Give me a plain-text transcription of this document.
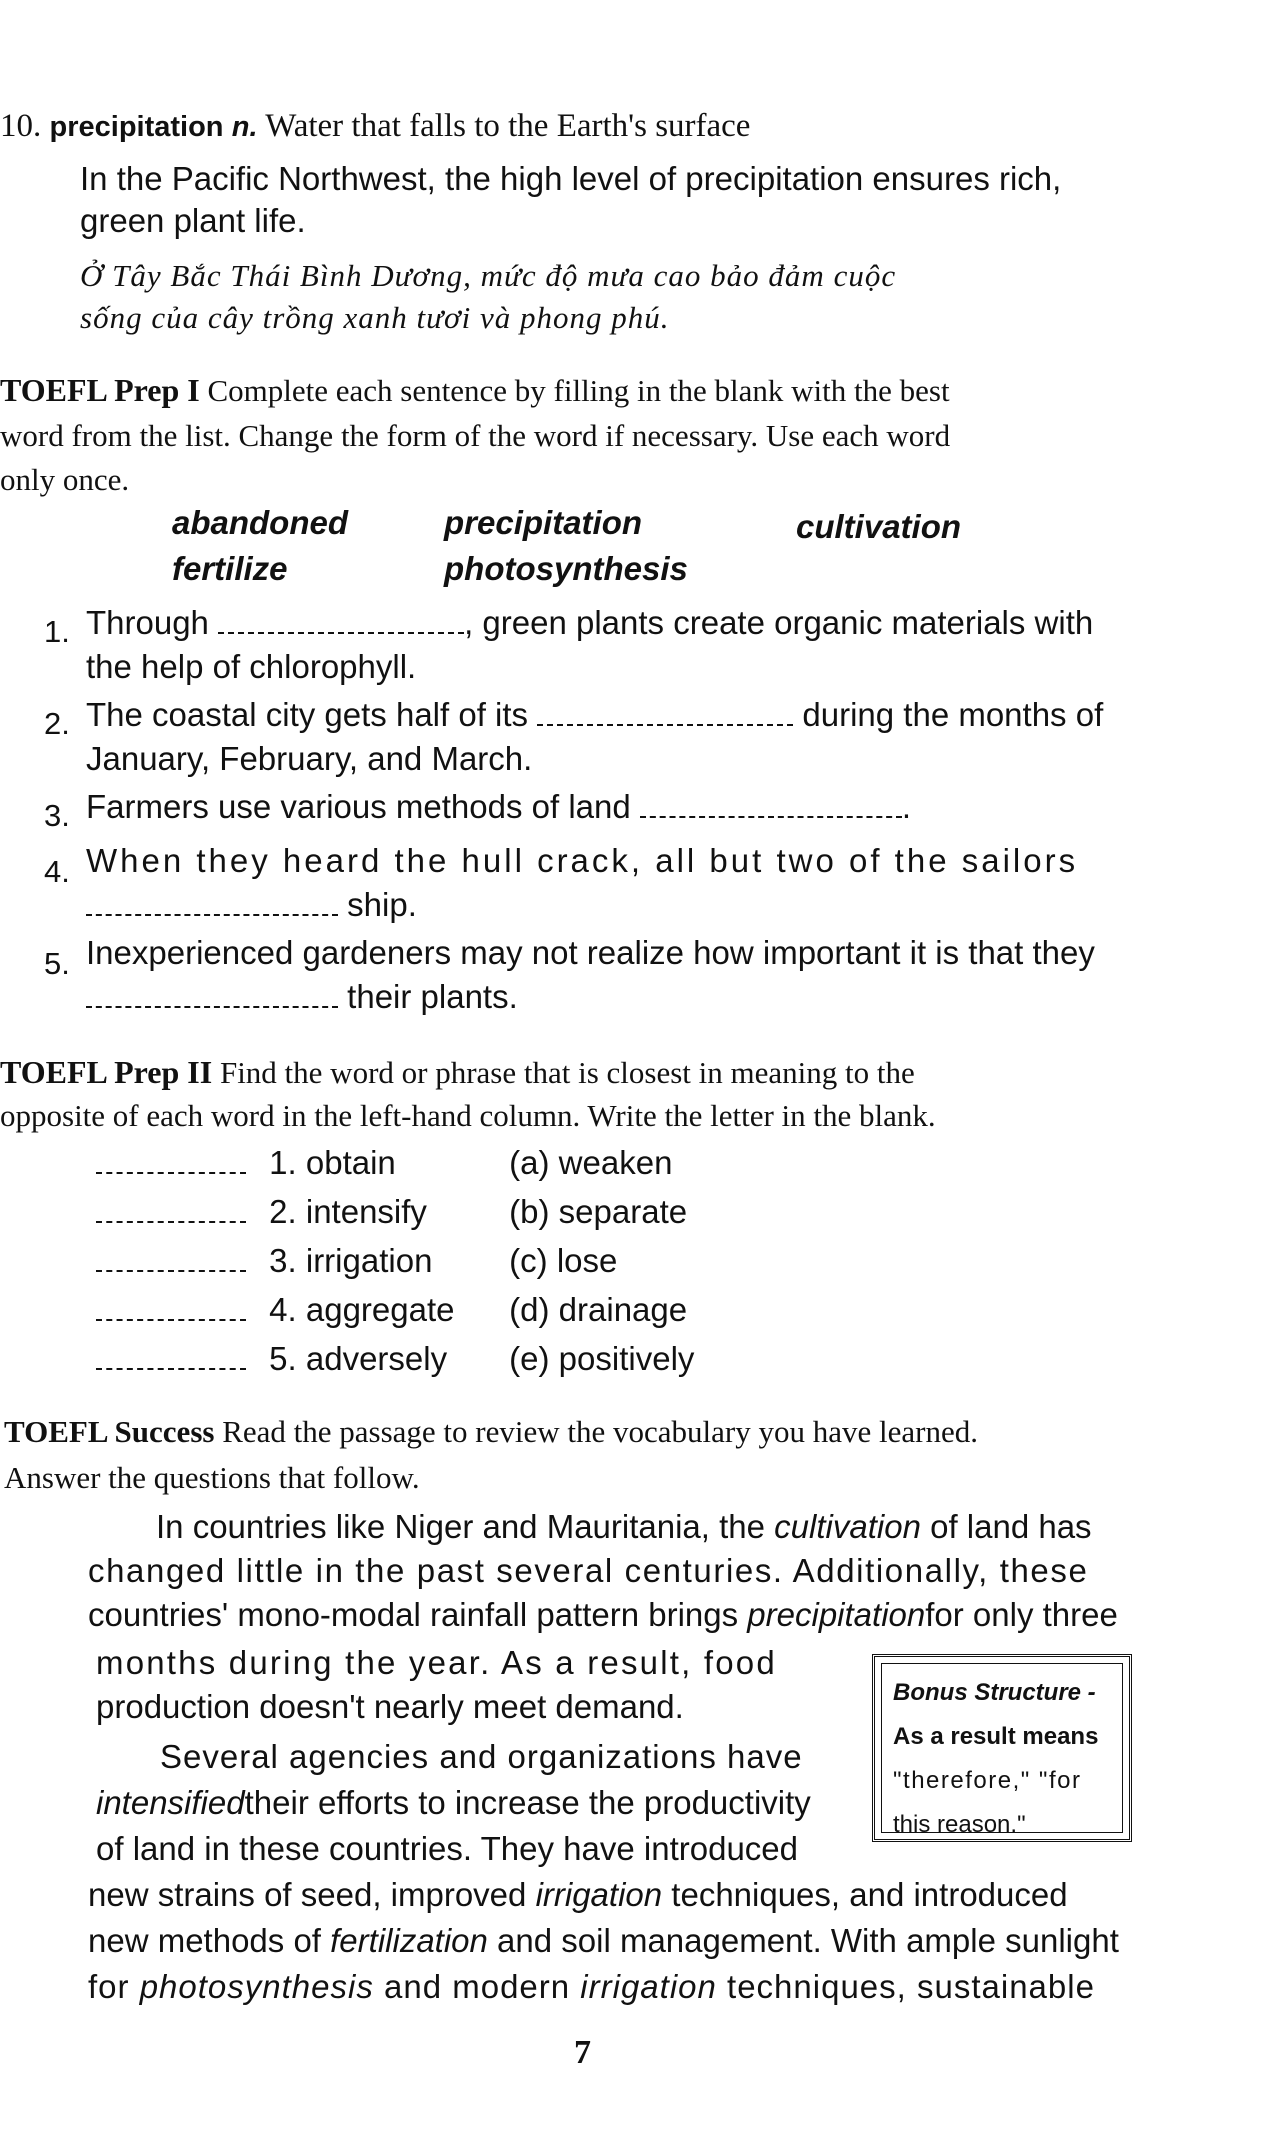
10. precipitation n. Water that falls to the Earth's surface
In the Pacific Northwest, the high level of precipitation ensures rich,
green plant life.
Ở Tây Bắc Thái Bình Dương, mức độ mưa cao bảo đảm cuộc
sống của cây trồng xanh tươi và phong phú.
TOEFL Prep I Complete each sentence by filling in the blank with the best
word from the list. Change the form of the word if necessary. Use each word
only once.
abandoned	precipitation	cultivation
fertilize	photosynthesis
1. Through	, green plants create organic materials with
the help of chlorophyll.
2. The coastal city gets half of its	during the months of
January, February, and March.
3. Farmers use various methods of land	.
4. When they heard the hull crack, all but two of the sailors
ship.
5. Inexperienced gardeners may not realize how important it is that they
their plants.
TOEFL Prep II Find the word or phrase that is closest in meaning to the
opposite of each word in the left-hand column. Write the letter in the blank.
1. obtain	(a) weaken
2. intensify (b) separate
3. irrigation (c) lose
4. aggregate (d) drainage
5. adversely (e) positively
TOEFL Success Read the passage to review the vocabulary you have learned.
Answer the questions that follow.
In countries like Niger and Mauritania, the cultivation of land has
changed little in the past several centuries. Additionally, these
countries' mono-modal rainfall pattern brings precipitationfor only three
months during the year. As a result, food
production doesn't nearly meet demand.
Several agencies and organizations have
intensifiedtheir efforts to increase the productivity
of land in these countries. They have introduced
new strains of seed, improved irrigation techniques, and introduced
new methods of fertilization and soil management. With ample sunlight
for photosynthesis and modern irrigation techniques, sustainable
Bonus Structure -
As a result means
"therefore," "for
this reason."
7
